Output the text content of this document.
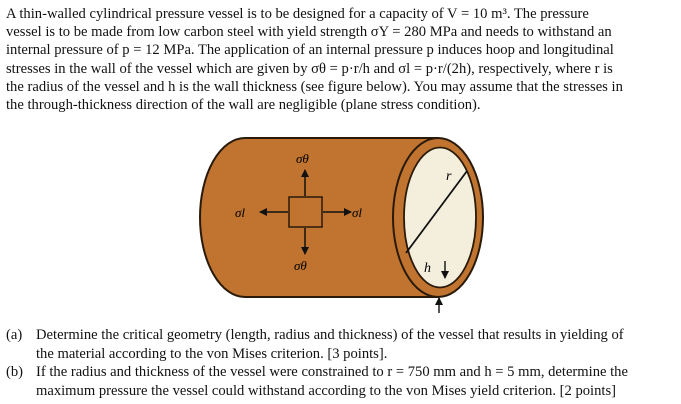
A thin-walled cylindrical pressure vessel is to be designed for a capacity of V = 10 m³. The pressure
vessel is to be made from low carbon steel with yield strength σY = 280 MPa and needs to withstand an
internal pressure of p = 12 MPa. The application of an internal pressure p induces hoop and longitudinal
stresses in the wall of the vessel which are given by σθ = p·r/h and σl = p·r/(2h), respectively, where r is
the radius of the vessel and h is the wall thickness (see figure below). You may assume that the stresses in
the through-thickness direction of the wall are negligible (plane stress condition).
r
h
σθ
σθ
σl	σl
(a) Determine the critical geometry (length, radius and thickness) of the vessel that results in yielding of
the material according to the von Mises criterion. [3 points].
(b) If the radius and thickness of the vessel were constrained to r = 750 mm and h = 5 mm, determine the
maximum pressure the vessel could withstand according to the von Mises yield criterion. [2 points]
